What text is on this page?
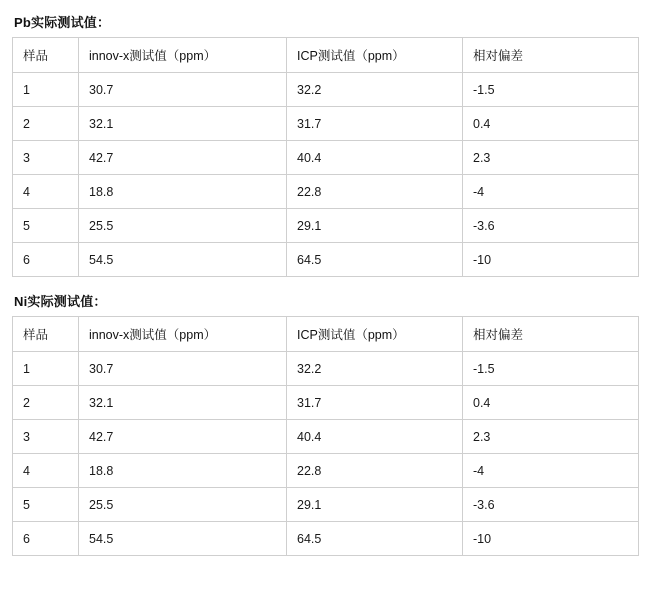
Pb实际测试值：
样品	innov-x测试值（ppm）	ICP测试值（ppm）	相对偏差
1	30.7	32.2	-1.5
2	32.1	31.7	0.4
3	42.7	40.4	2.3
4	18.8	22.8	-4
5	25.5	29.1	-3.6
6	54.5	64.5	-10
Ni实际测试值：
样品	innov-x测试值（ppm）	ICP测试值（ppm）	相对偏差
1	30.7	32.2	-1.5
2	32.1	31.7	0.4
3	42.7	40.4	2.3
4	18.8	22.8	-4
5	25.5	29.1	-3.6
6	54.5	64.5	-10
